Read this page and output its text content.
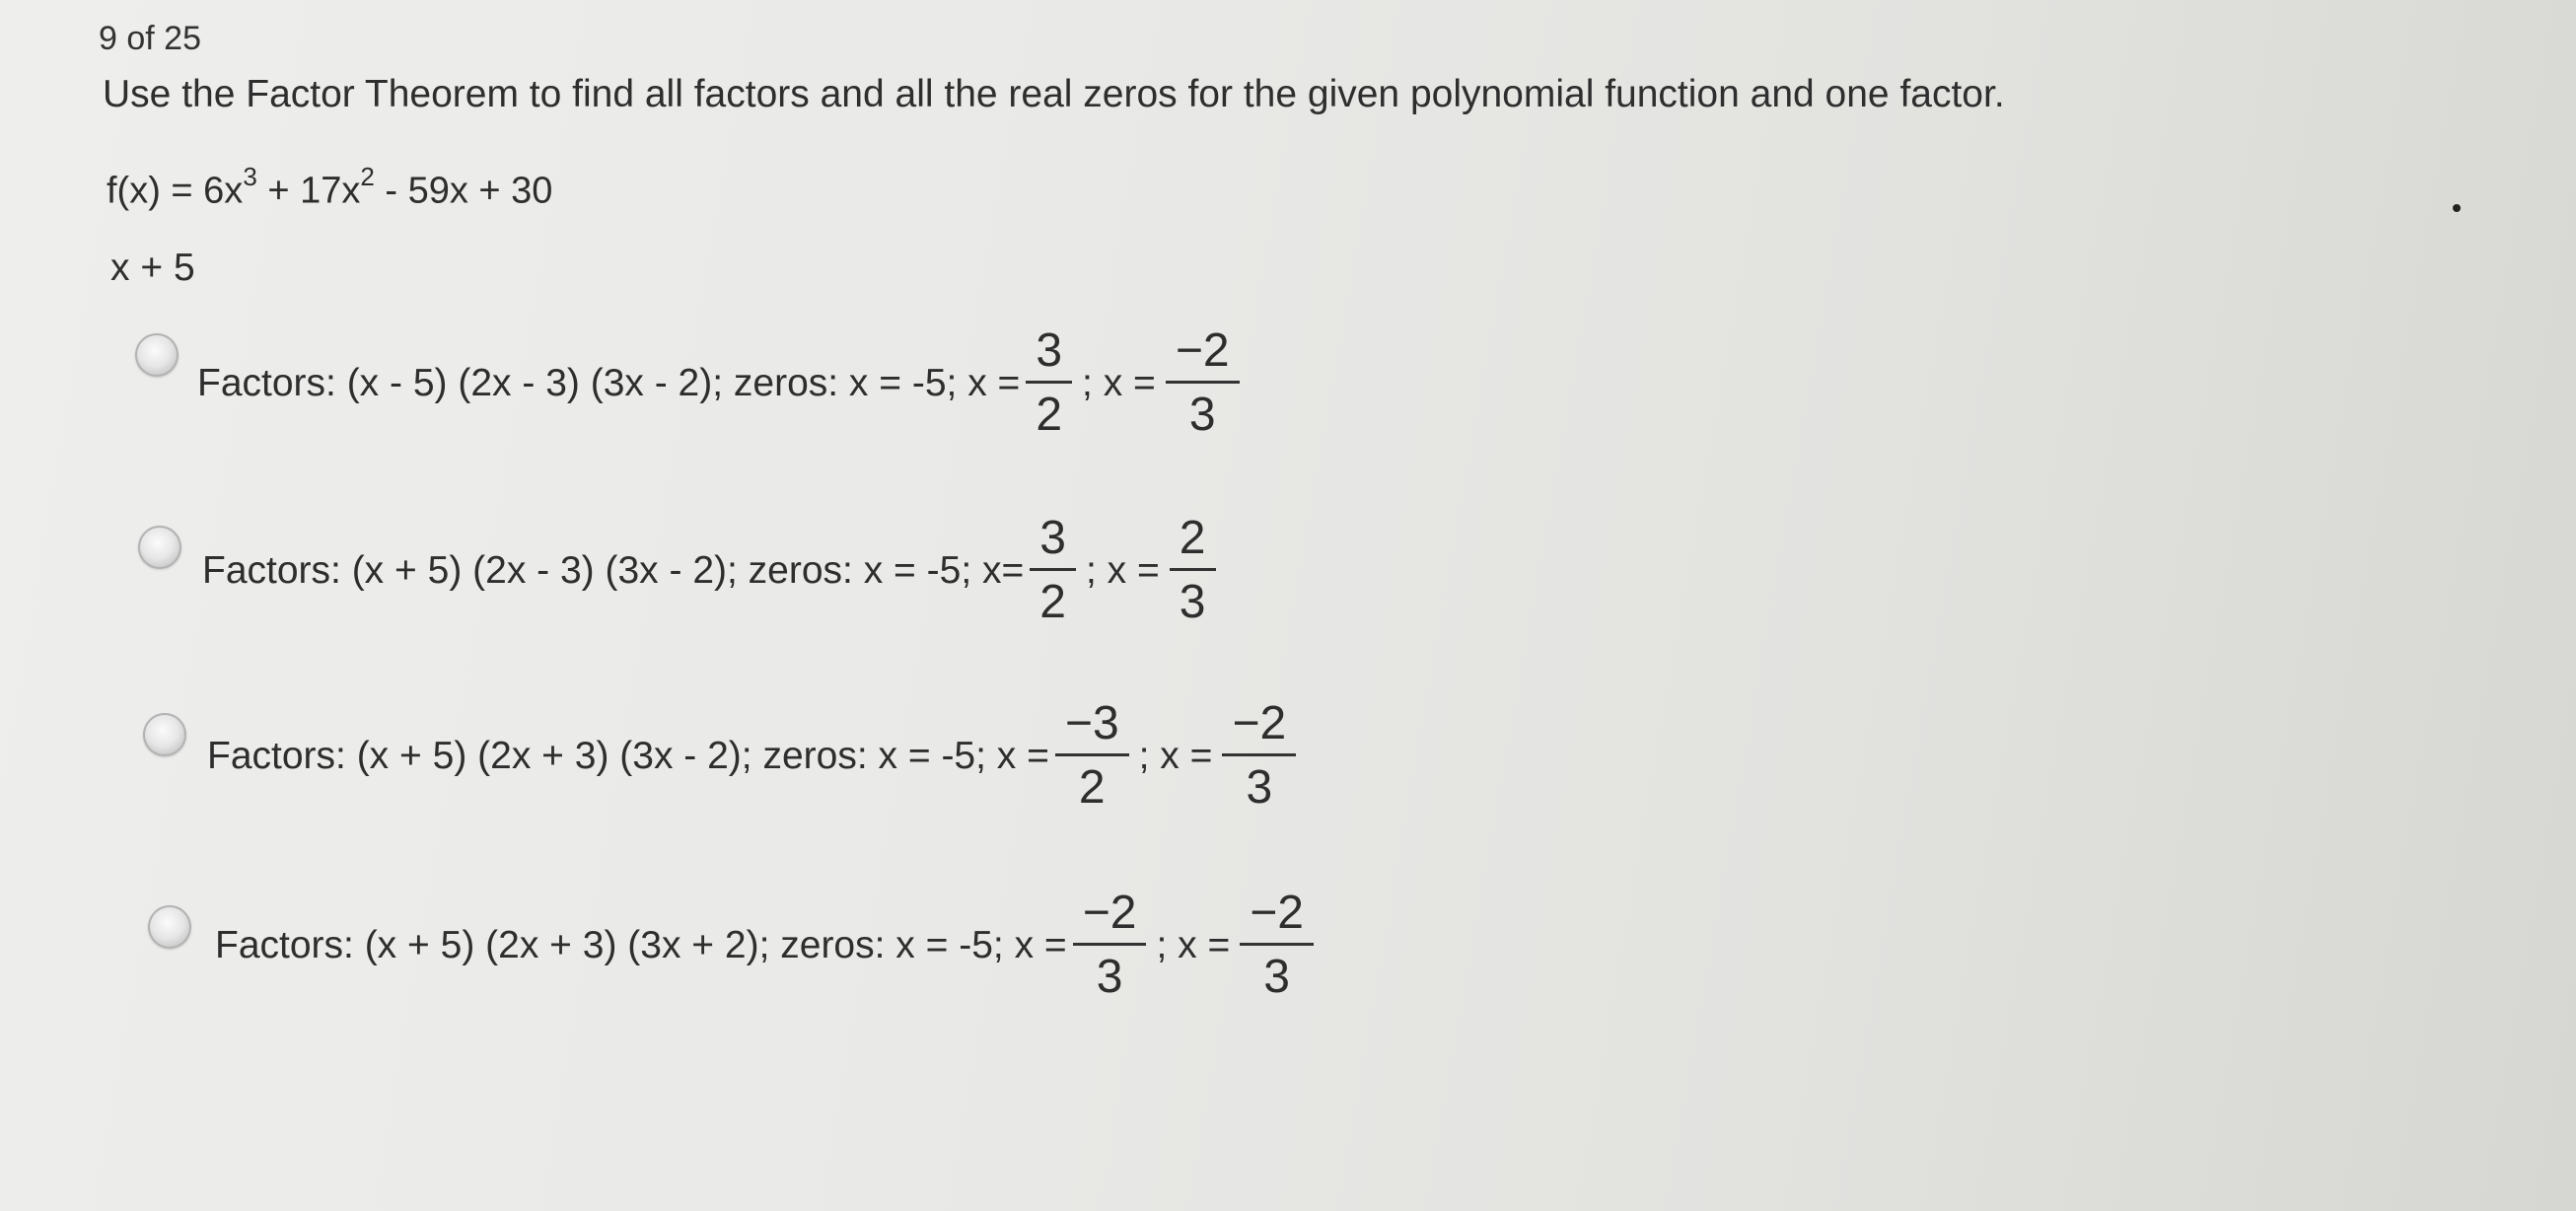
9 of 25
Use the Factor Theorem to find all factors and all the real zeros for the given polynomial function and one factor.
$f(x) = 6x^3 + 17x^2 - 59x + 30$
x + 5
Factors: (x - 5) (2x - 3) (3x - 2); zeros: x = -5; $x = \frac{3}{2}$ ; $x = \frac{-2}{3}$
Factors: (x + 5) (2x - 3) (3x - 2); zeros: x = -5; $x= \frac{3}{2}$ ; $x = \frac{2}{3}$
Factors: (x + 5) (2x + 3) (3x - 2); zeros: x = -5; $x = \frac{-3}{2}$ ; $x = \frac{-2}{3}$
Factors: (x + 5) (2x + 3) (3x + 2); zeros: x = -5; $x = \frac{-2}{3}$ ; $x = \frac{-2}{3}$
